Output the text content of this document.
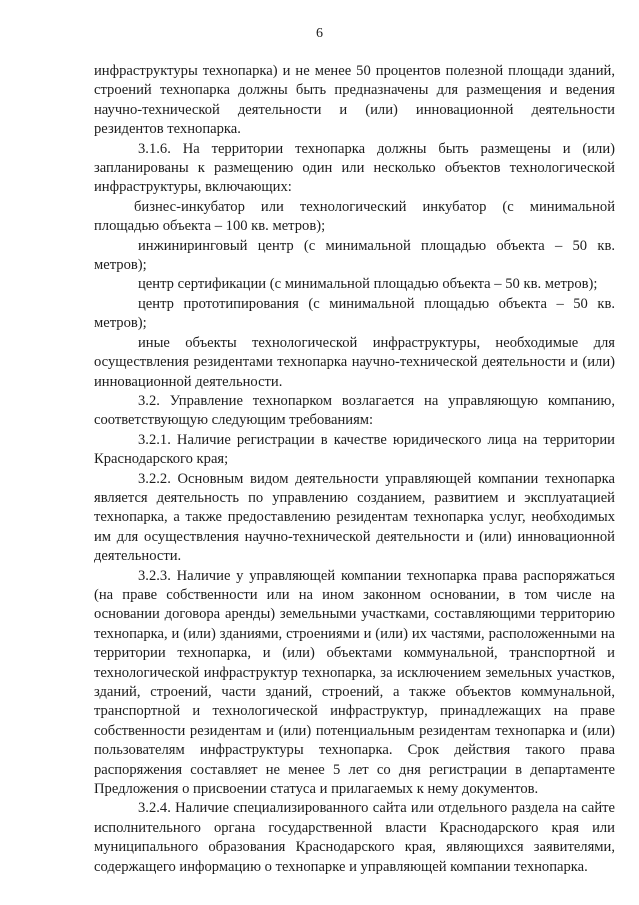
6

инфраструктуры технопарка) и не менее 50 процентов полезной площади зданий, строений технопарка должны быть предназначены для размещения и ведения научно-технической деятельности и (или) инновационной деятельности резидентов технопарка.

3.1.6. На территории технопарка должны быть размещены и (или) запланированы к размещению один или несколько объектов технологической инфраструктуры, включающих:

бизнес-инкубатор или технологический инкубатор (с минимальной площадью объекта – 100 кв. метров);

инжиниринговый центр (с минимальной площадью объекта – 50 кв. метров);

центр сертификации (с минимальной площадью объекта – 50 кв. метров);

центр прототипирования (с минимальной площадью объекта – 50 кв. метров);

иные объекты технологической инфраструктуры, необходимые для осуществления резидентами технопарка научно-технической деятельности и (или) инновационной деятельности.

3.2. Управление технопарком возлагается на управляющую компанию, соответствующую следующим требованиям:

3.2.1. Наличие регистрации в качестве юридического лица на территории Краснодарского края;

3.2.2. Основным видом деятельности управляющей компании технопарка является деятельность по управлению созданием, развитием и эксплуатацией технопарка, а также предоставлению резидентам технопарка услуг, необходимых им для осуществления научно-технической деятельности и (или) инновационной деятельности.

3.2.3. Наличие у управляющей компании технопарка права распоряжаться (на праве собственности или на ином законном основании, в том числе на основании договора аренды) земельными участками, составляющими территорию технопарка, и (или) зданиями, строениями и (или) их частями, расположенными на территории технопарка, и (или) объектами коммунальной, транспортной и технологической инфраструктур технопарка, за исключением земельных участков, зданий, строений, части зданий, строений, а также объектов коммунальной, транспортной и технологической инфраструктур, принадлежащих на праве собственности резидентам и (или) потенциальным резидентам технопарка и (или) пользователям инфраструктуры технопарка. Срок действия такого права распоряжения составляет не менее 5 лет со дня регистрации в департаменте Предложения о присвоении статуса и прилагаемых к нему документов.

3.2.4. Наличие специализированного сайта или отдельного раздела на сайте исполнительного органа государственной власти Краснодарского края или муниципального образования Краснодарского края, являющихся заявителями, содержащего информацию о технопарке и управляющей компании технопарка.
